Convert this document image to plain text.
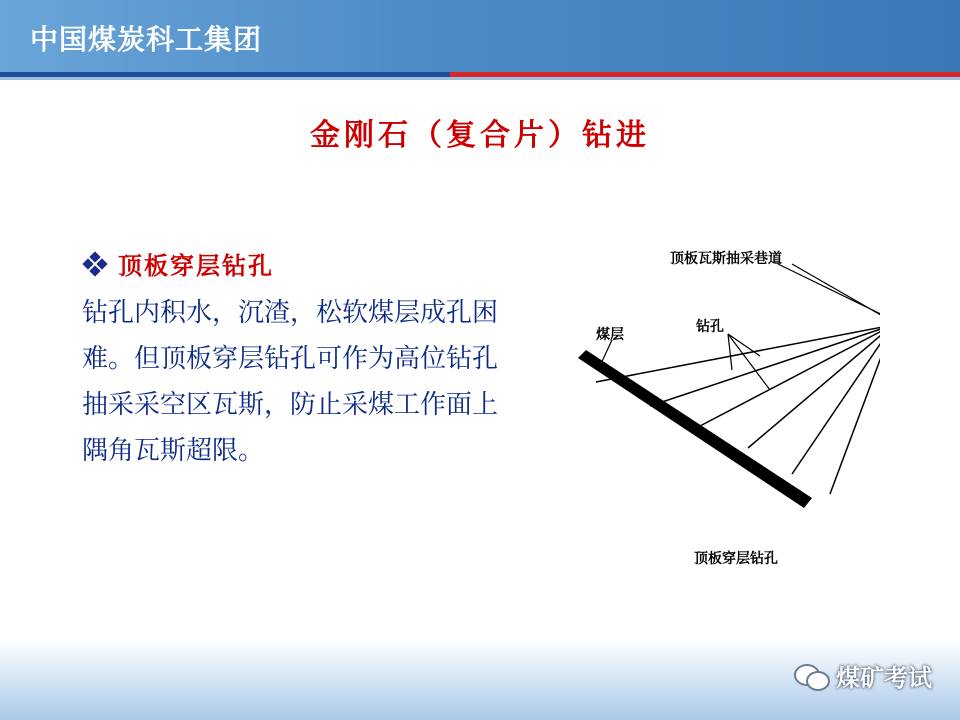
中国煤炭科工集团
金刚石（复合片）钻进
顶板穿层钻孔
钻孔内积水，沉渣，松软煤层成孔困难。但顶板穿层钻孔可作为高位钻孔抽采采空区瓦斯，防止采煤工作面上隅角瓦斯超限。
顶板瓦斯抽采巷道
煤层	钻孔
顶板穿层钻孔
煤矿考试
